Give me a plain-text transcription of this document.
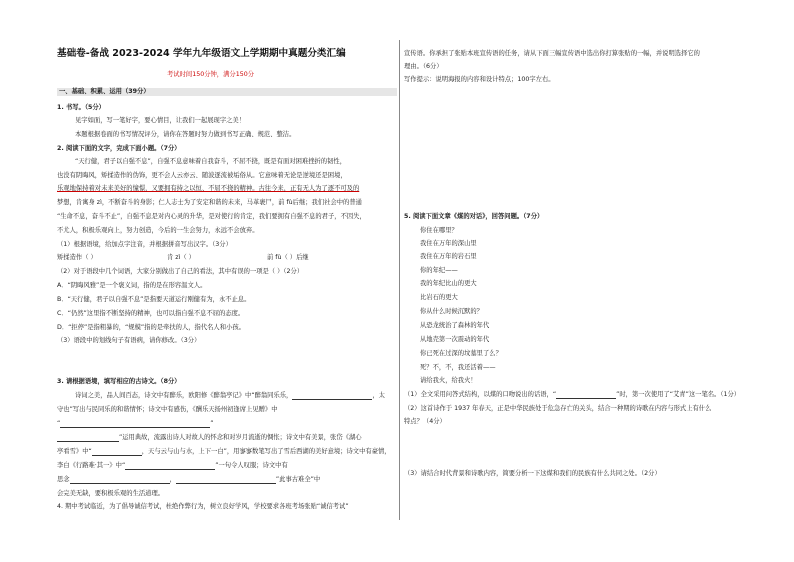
基础卷-备战 2023-2024 学年九年级语文上学期期中真题分类汇编
考试时间150分钟，满分150分
一、基础、积累、运用（39分）
1. 书写。（5分）
见字如面，写一笔好字，要心情目，让我们一起展现字之美！
本题根据卷面的书写情况评分，请你在答题时努力做到书写正确、规范、整洁。
2. 阅读下面的文字，完成下面小题。（7分）
“天行健，君子以自强不息”，自强不息意味着自我奋斗，不屈不挠，既是有面对困难挫折的韧性，
也没有阴晦风，矫揉造作的伪饰，更不会人云亦云、随波逐流被垢俗从。它意味着无论是逆境还是困境，
乐观地保持着对未来美好的憧憬，又要拥有持之以恒、不屈不挠的精神。古往今来，正有无人为了逐不可及的
梦想，肯寓身 zì，不断奋斗的身影；仁人志士为了安定和谐的未来，马革裹尸，前 fù后继；我们社会中的普通
“生命不息，奋斗不止”，自强不息是对内心灵的升华，是对使行的肯定，我们要拥有自强不息的君子，不因失，
不尤人，积极乐观向上，努力创造，今后的一生会努力，永远不会放弃。
（1）根据语境，给加点字注音，并根据拼音写出汉字。（3分）
矫揉造作（ ）	肯 zì（ ）	前 fù（ ）后继
（2）对于语段中几个词语，大家分别做出了自己的看法，其中有误的一项是（ ）（2分）
A．“阴晦风雅”是一个褒义词，指的是在形容温文人。
B．“天行健，君子以自强不息”是指要天道运行刚健有为，永不止息。
C．“仍然”这里指不断坚持的精神，也可以指自强不息不屈的态度。
D．“拒停”是指粗暴的，“规模”指的是牵扶的人，指代名人和小孩。
（3）语段中的划线句子有语病，请你修改。（3分）
3. 请根据语境，填写相应的古诗文。（8分）
诗词之美，品人间百态，诗文中有醉乐，欧阳修《醉翁亭记》中“醉翁同乐乐，	，太
守也”写出与民同乐的和谐情怀；诗文中有感伤，《酬乐天扬州初逢席上见赠》中
“	”
”运用典故，流露出诗人对故人的怀念和对岁月流逝的惆怅；诗文中有美景，张岱《湖心
亭看雪》中“	，天与云与山与水，上下一白”，用寥寥数笔写出了雪后西湖的美好意境；诗文中有豪情，
李白《行路难·其一》中“	”一句令人叹服；诗文中有
思念	，	”此事古难全”中
会完美无缺，要积极乐观的生活道理。
4. 期中考试临近，为了倡导诚信考试，杜绝作弊行为，树立良好学风，学校要求各班考场张贴“诚信考试”
宣传语。你承担了张贴本班宣传语的任务，请从下面三幅宣传语中选出你打算张贴的一幅，并说明选择它的
理由。（6分）
写作提示：说明海报的内容和设计特点；100字左右。
5. 阅读下面文章《煤的对话》，回答问题。（7分）
你住在哪里？
我住在万年的深山里
我住在万年的岩石里
你的年纪——
我的年纪比山的更大
比岩石的更大
你从什么时候沉默的？
从恐龙统治了森林的年代
从地壳第一次震动的年代
你已死在过深的坟墓里了么？
死？不，不，我还活着——
请给我火，给我火！
（1）全文采用问答式结构，以煤的口吻说出的话语，“	”时，第一次使用了“艾青”这一笔名。（1分）
（2）这首诗作于 1937 年春天，正是中华民族处于危急存亡的关头，结合一种期的诗歌在内容与形式上有什么
特点？（4分）
（3）请结合时代背景和诗歌内容，简要分析一下这煤和我们的民族有什么共同之处。（2分）
